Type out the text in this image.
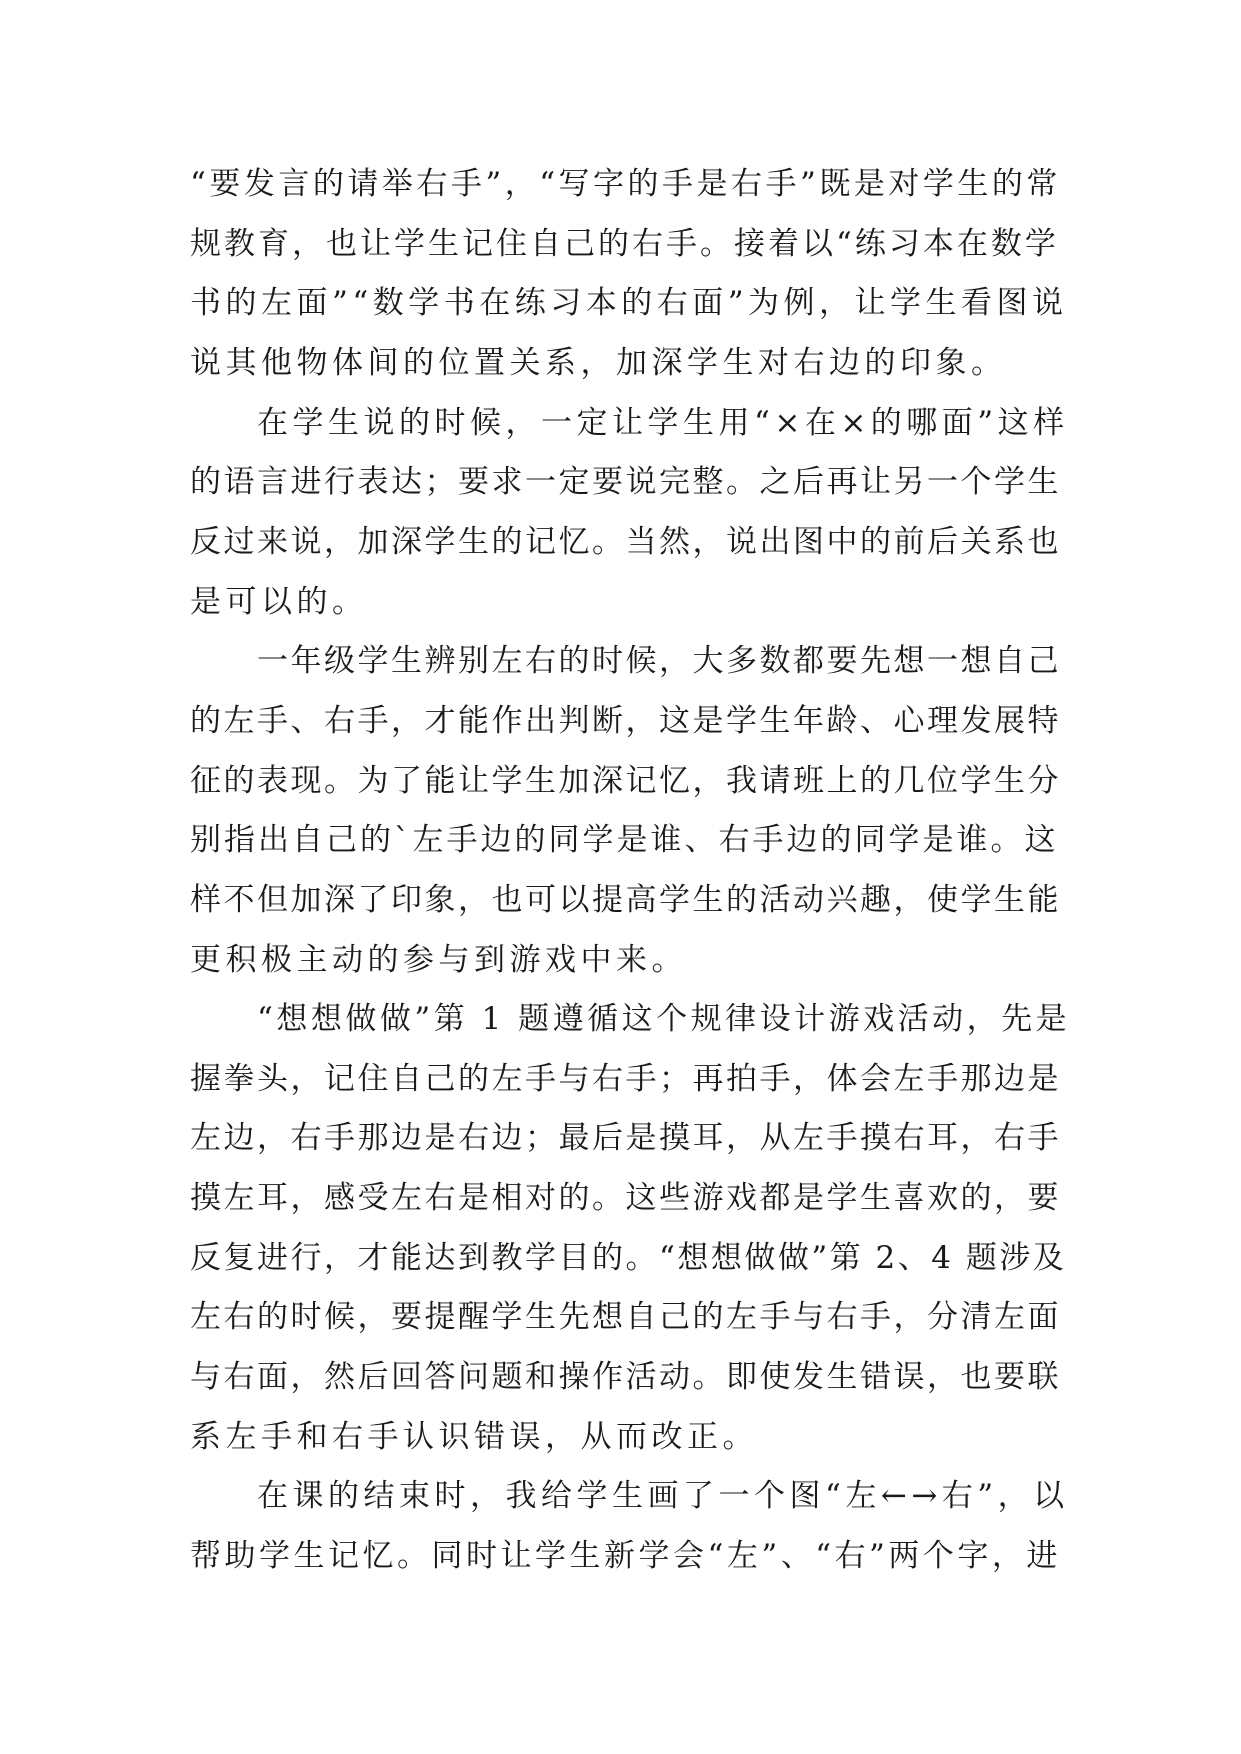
“要发言的请举右手”，“写字的手是右手”既是对学生的常
规教育，也让学生记住自己的右手。接着以“练习本在数学
书的左面”“数学书在练习本的右面”为例，让学生看图说
说其他物体间的位置关系，加深学生对右边的印象。
在学生说的时候，一定让学生用“×在×的哪面”这样
的语言进行表达；要求一定要说完整。之后再让另一个学生
反过来说，加深学生的记忆。当然，说出图中的前后关系也
是可以的。
一年级学生辨别左右的时候，大多数都要先想一想自己
的左手、右手，才能作出判断，这是学生年龄、心理发展特
征的表现。为了能让学生加深记忆，我请班上的几位学生分
别指出自己的`左手边的同学是谁、右手边的同学是谁。这
样不但加深了印象，也可以提高学生的活动兴趣，使学生能
更积极主动的参与到游戏中来。
“想想做做”第 1 题遵循这个规律设计游戏活动，先是
握拳头，记住自己的左手与右手；再拍手，体会左手那边是
左边，右手那边是右边；最后是摸耳，从左手摸右耳，右手
摸左耳，感受左右是相对的。这些游戏都是学生喜欢的，要
反复进行，才能达到教学目的。“想想做做”第 2、4 题涉及
左右的时候，要提醒学生先想自己的左手与右手，分清左面
与右面，然后回答问题和操作活动。即使发生错误，也要联
系左手和右手认识错误，从而改正。
在课的结束时，我给学生画了一个图“左←→右”，以
帮助学生记忆。同时让学生新学会“左”、“右”两个字，进
